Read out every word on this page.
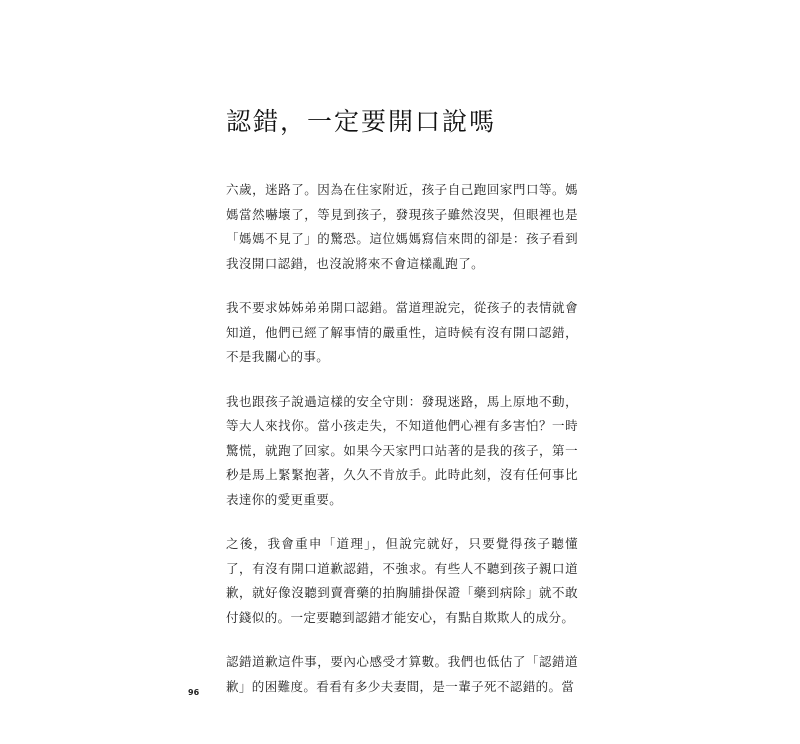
認錯，一定要開口說嗎

六歲，迷路了。因為在住家附近，孩子自己跑回家門口等。媽媽當然嚇壞了，等見到孩子，發現孩子雖然沒哭，但眼裡也是「媽媽不見了」的驚恐。這位媽媽寫信來問的卻是：孩子看到我沒開口認錯，也沒說將來不會這樣亂跑了。

我不要求姊姊弟弟開口認錯。當道理說完，從孩子的表情就會知道，他們已經了解事情的嚴重性，這時候有沒有開口認錯，不是我關心的事。

我也跟孩子說過這樣的安全守則：發現迷路，馬上原地不動，等大人來找你。當小孩走失，不知道他們心裡有多害怕？一時驚慌，就跑了回家。如果今天家門口站著的是我的孩子，第一秒是馬上緊緊抱著，久久不肯放手。此時此刻，沒有任何事比表達你的愛更重要。

之後，我會重申「道理」，但說完就好，只要覺得孩子聽懂了，有沒有開口道歉認錯，不強求。有些人不聽到孩子親口道歉，就好像沒聽到賣膏藥的拍胸脯掛保證「藥到病除」就不敢付錢似的。一定要聽到認錯才能安心，有點自欺欺人的成分。

認錯道歉這件事，要內心感受才算數。我們也低估了「認錯道歉」的困難度。看看有多少夫妻間，是一輩子死不認錯的。當

96
